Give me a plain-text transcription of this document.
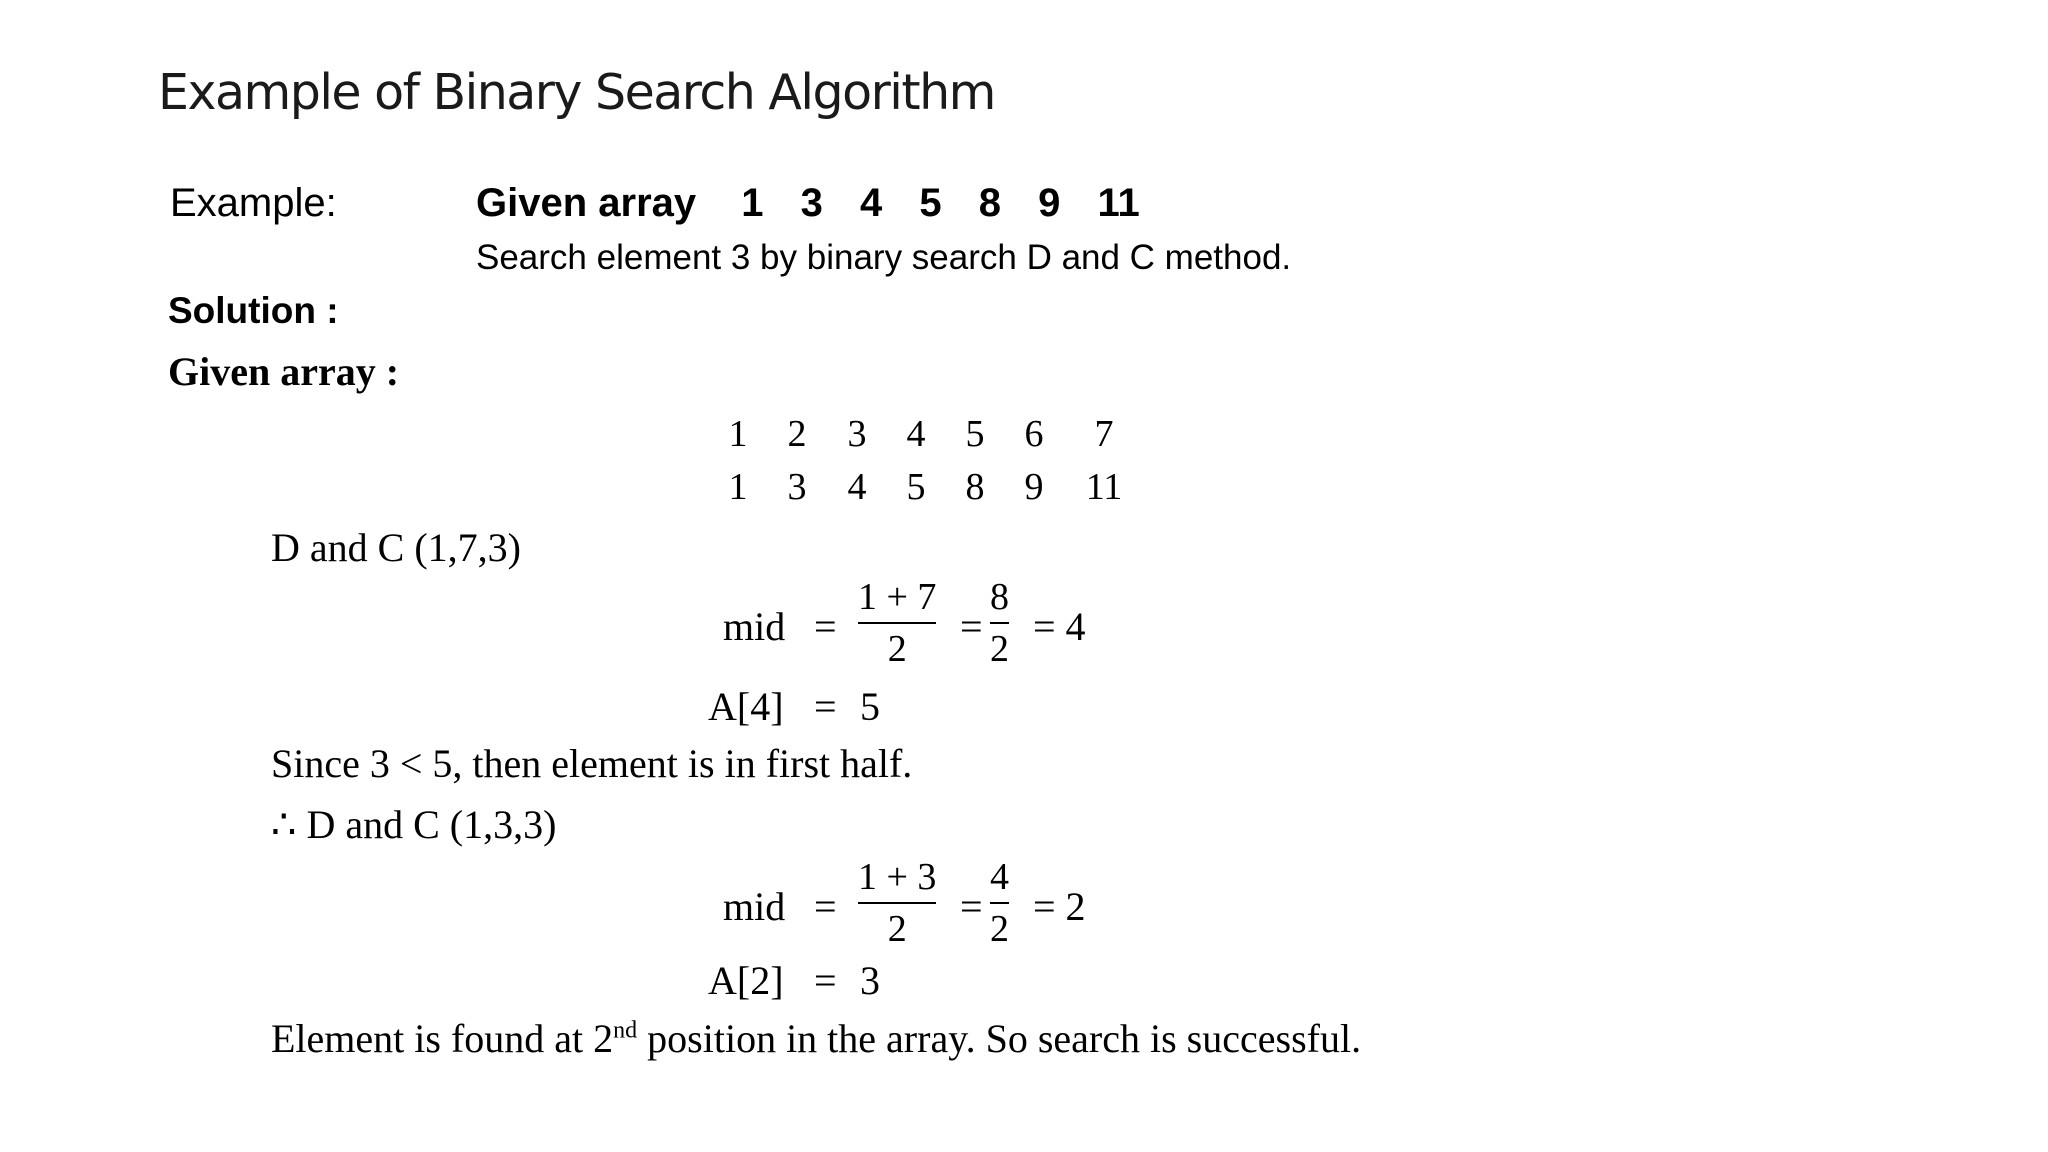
Example of Binary Search Algorithm
Example:	Given array 1 3 4 5 8 9 11
Search element 3 by binary search D and C method.
Solution :
Given array :
1	2	3	4	5	6	7
1	3	4	5	8	9	11
D and C (1,7,3)
mid =
1 + 7
2 =
8
2 = 4
A[4] = 5
Since 3 < 5, then element is in first half.
∴ D and C (1,3,3)
mid =
1 + 3
2 =
4
2 = 2
A[2] = 3
Element is found at 2nd position in the array. So search is successful.
